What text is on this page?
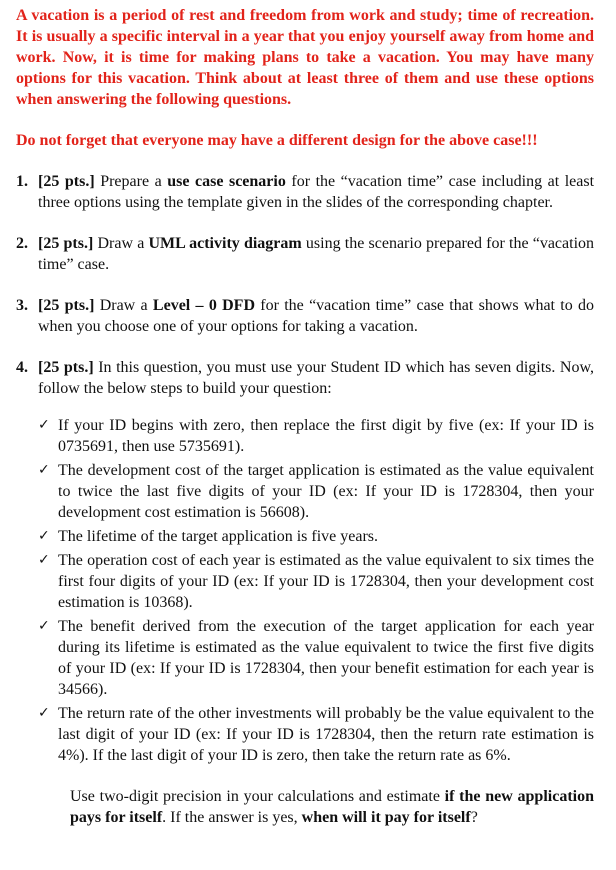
A vacation is a period of rest and freedom from work and study; time of recreation. It is usually a specific interval in a year that you enjoy yourself away from home and work. Now, it is time for making plans to take a vacation. You may have many options for this vacation. Think about at least three of them and use these options when answering the following questions.

Do not forget that everyone may have a different design for the above case!!!

1. [25 pts.] Prepare a use case scenario for the “vacation time” case including at least three options using the template given in the slides of the corresponding chapter.
2. [25 pts.] Draw a UML activity diagram using the scenario prepared for the “vacation time” case.
3. [25 pts.] Draw a Level – 0 DFD for the “vacation time” case that shows what to do when you choose one of your options for taking a vacation.
4. [25 pts.] In this question, you must use your Student ID which has seven digits. Now, follow the below steps to build your question:
✓ If your ID begins with zero, then replace the first digit by five (ex: If your ID is 0735691, then use 5735691).
✓ The development cost of the target application is estimated as the value equivalent to twice the last five digits of your ID (ex: If your ID is 1728304, then your development cost estimation is 56608).
✓ The lifetime of the target application is five years.
✓ The operation cost of each year is estimated as the value equivalent to six times the first four digits of your ID (ex: If your ID is 1728304, then your development cost estimation is 10368).
✓ The benefit derived from the execution of the target application for each year during its lifetime is estimated as the value equivalent to twice the first five digits of your ID (ex: If your ID is 1728304, then your benefit estimation for each year is 34566).
✓ The return rate of the other investments will probably be the value equivalent to the last digit of your ID (ex: If your ID is 1728304, then the return rate estimation is 4%). If the last digit of your ID is zero, then take the return rate as 6%.

Use two-digit precision in your calculations and estimate if the new application pays for itself. If the answer is yes, when will it pay for itself?
